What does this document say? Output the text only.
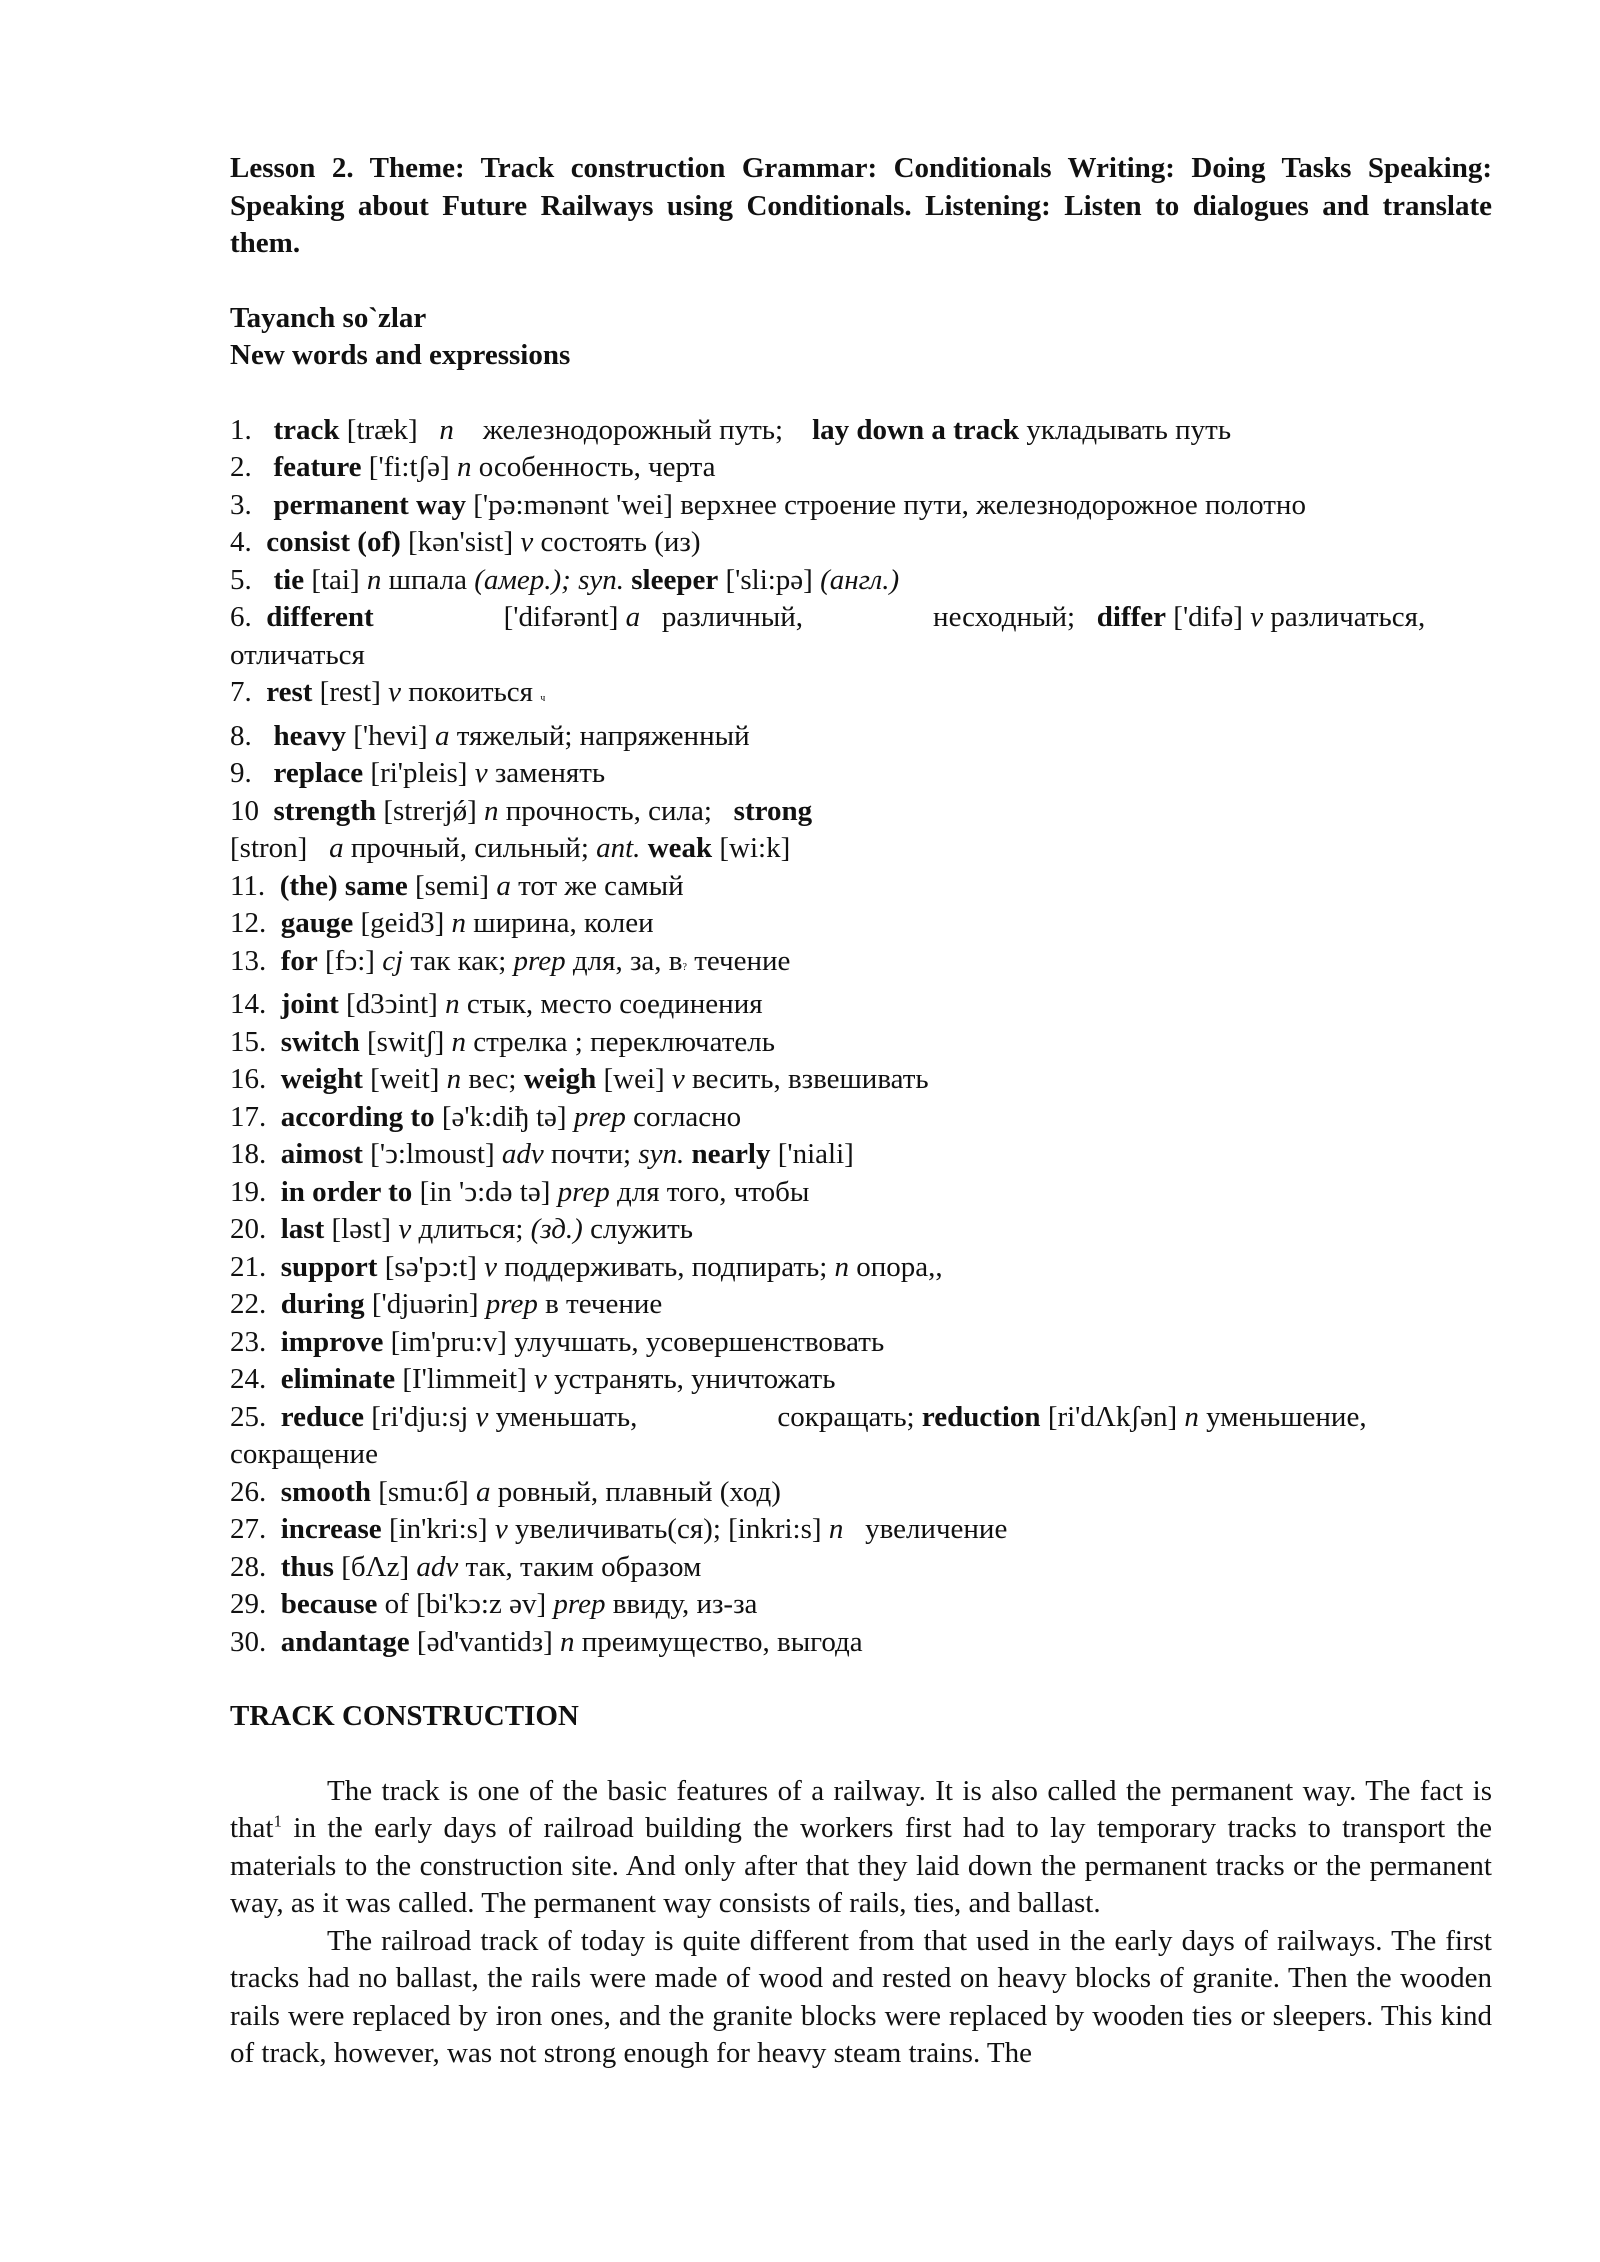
Lesson 2. Theme: Track construction Grammar: Conditionals Writing: Doing Tasks Speaking: Speaking about Future Railways using Conditionals. Listening: Listen to dialogues and translate them.

Tayanch so`zlar

New words and expressions

1. track [træk] n железнодорожный путь; lay down a track укладывать путь

2. feature ['fi:tʃə] n особенность, черта

3. permanent way ['pə:mənənt 'wei] верхнее строение пути, железнодорожное полотно

4. consist (of) [kən'sist] v состоять (из)

5. tie [tai] n шпала (амер.); syn. sleeper ['sli:pə] (англ.)

6. different	['difərənt] a различный,	несходный; differ ['difə] v различаться,

отличаться

7. rest [rest] v покоиться ч

8. heavy ['hevi] a тяжелый; напряженный

9. replace [ri'pleis] v заменять

10 strength [strerjǿ] n прочность, сила; strong

[stron] a прочный, сильный; ant. weak [wi:k]

11. (the) same [semi] a тот же самый

12. gauge [geid3] n ширина, колеи

13. for [fↄ:] cj так как; prep для, за, в? течение

14. joint [d3ↄint] n стык, место соединения

15. switch [switʃ] n стрелка ; переключатель

16. weight [weit] n вес; weigh [wei] v весить, взвешивать

17. according to [ə'k:diђ tə] prep согласно

18. aimost ['ↄ:lmoust] adv почти; syn. nearly ['niali]

19. in order to [in 'ↄ:də tə] prep для того, чтобы

20. last [ləst] v длиться; (зд.) служить

21. support [sə'pↄ:t] v поддерживать, подпирать; n опора,,

22. during ['djuərin] prep в течение

23. improve [im'pru:v] улучшать, усовершенствовать

24. eliminate [I'limmeit] v устранять, уничтожать

25. reduce [ri'dju:sj v уменьшать,	сокращать; reduction [ri'dΛkʃən] n уменьшение,

сокращение

26. smooth [smu:б] a ровный, плавный (ход)

27. increase [in'kri:s] v увеличивать(ся); [inkri:s] n увеличение

28. thus [бΛz] adv так, таким образом

29. because of [bi'kↄ:z əv] prep ввиду, из-за

30. andantage [əd'vantidз] n преимущество, выгода

TRACK CONSTRUCTION

The track is one of the basic features of a railway. It is also called the permanent way. The fact is that$^1$ in the early days of railroad building the workers first had to lay temporary tracks to transport the materials to the construction site. And only after that they laid down the permanent tracks or the permanent way, as it was called. The permanent way consists of rails, ties, and ballast.

The railroad track of today is quite different from that used in the early days of railways. The first tracks had no ballast, the rails were made of wood and rested on heavy blocks of granite. Then the wooden rails were replaced by iron ones, and the granite blocks were replaced by wooden ties or sleepers. This kind of track, however, was not strong enough for heavy steam trains. The
